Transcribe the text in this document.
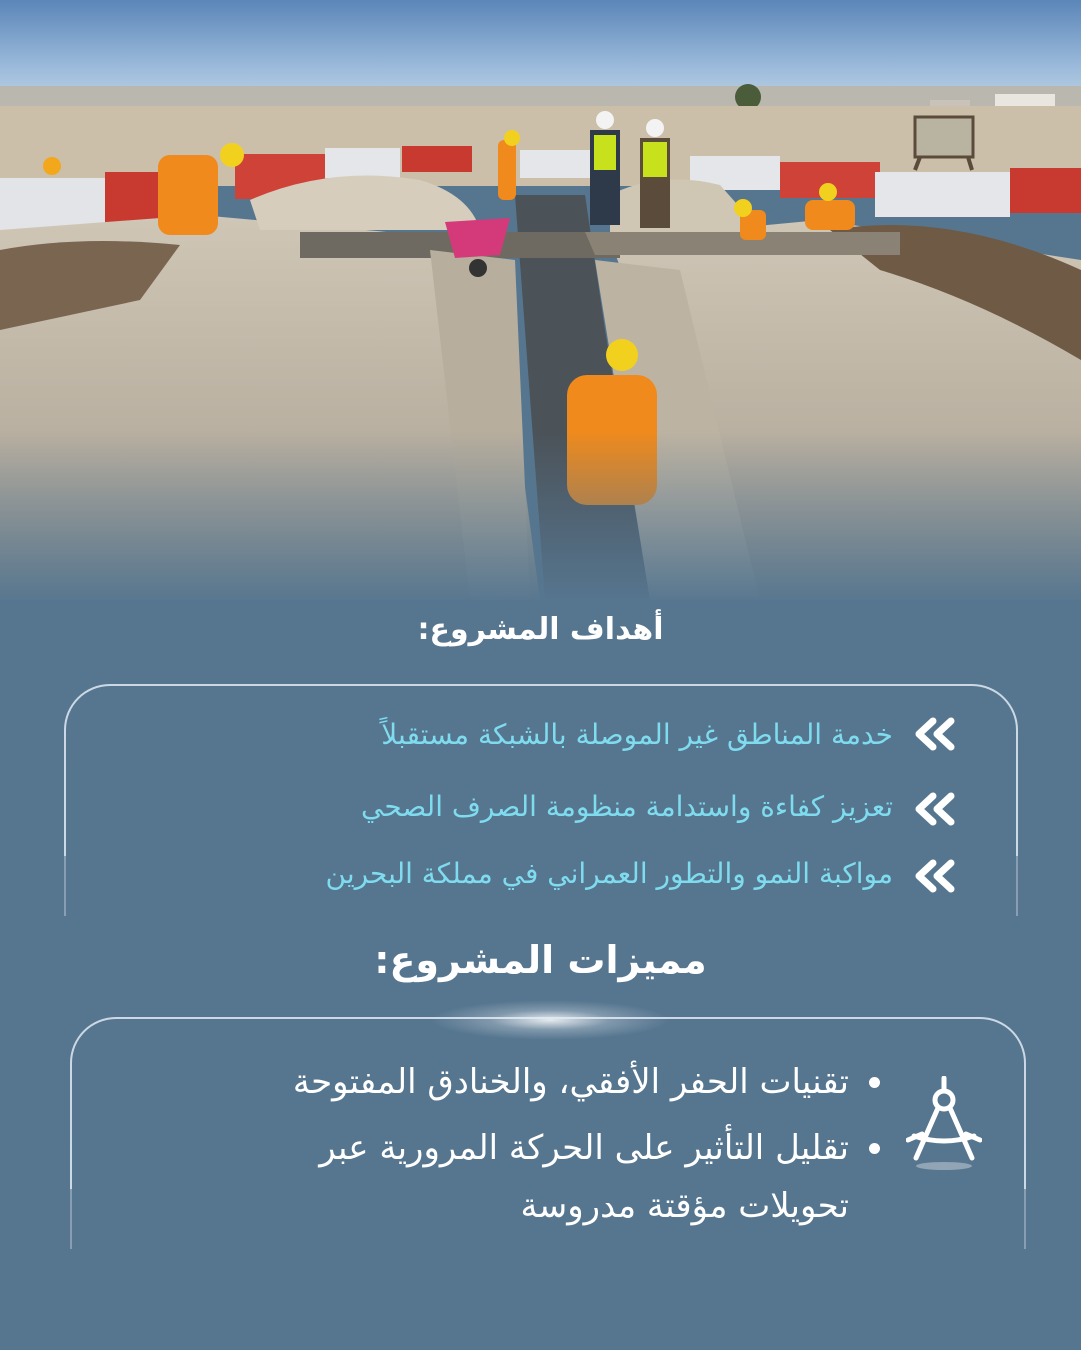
أهداف المشروع:
خدمة المناطق غير الموصلة بالشبكة مستقبلاً
تعزيز كفاءة واستدامة منظومة الصرف الصحي
مواكبة النمو والتطور العمراني في مملكة البحرين
مميزات المشروع:
تقنيات الحفر الأفقي، والخنادق المفتوحة
تقليل التأثير على الحركة المرورية عبر تحويلات مؤقتة مدروسة
